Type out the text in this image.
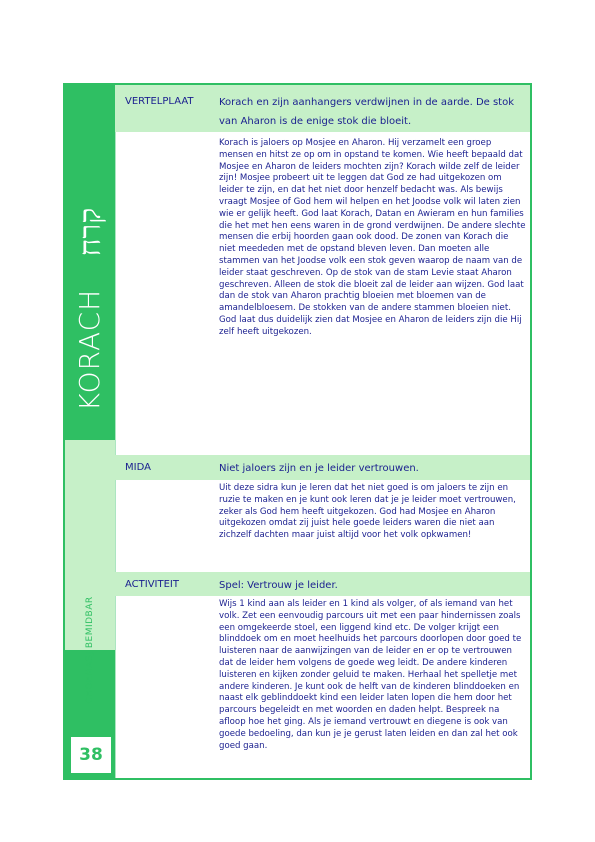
קרח
KORACH
CHOEMASJ BEMIDBAR
38
VERTELPLAAT	Korach en zijn aanhangers verdwijnen in de aarde. De stok van Aharon is de enige stok die bloeit.
Korach is jaloers op Mosjee en Aharon. Hij verzamelt een groep mensen en hitst ze op om in opstand te komen. Wie heeft bepaald dat Mosjee en Aharon de leiders mochten zijn? Korach wilde zelf de leider zijn! Mosjee probeert uit te leggen dat God ze had uitgekozen om leider te zijn, en dat het niet door henzelf bedacht was. Als bewijs vraagt Mosjee of God hem wil helpen en het Joodse volk wil laten zien wie er gelijk heeft. God laat Korach, Datan en Awieram en hun families die het met hen eens waren in de grond verdwijnen. De andere slechte mensen die erbij hoorden gaan ook dood. De zonen van Korach die niet meededen met de opstand bleven leven. Dan moeten alle stammen van het Joodse volk een stok geven waarop de naam van de leider staat geschreven. Op de stok van de stam Levie staat Aharon geschreven. Alleen de stok die bloeit zal de leider aan wijzen. God laat dan de stok van Aharon prachtig bloeien met bloemen van de amandelbloesem. De stokken van de andere stammen bloeien niet. God laat dus duidelijk zien dat Mosjee en Aharon de leiders zijn die Hij zelf heeft uitgekozen.
MIDA	Niet jaloers zijn en je leider vertrouwen.
Uit deze sidra kun je leren dat het niet goed is om jaloers te zijn en ruzie te maken en je kunt ook leren dat je je leider moet vertrouwen, zeker als God hem heeft uitgekozen. God had Mosjee en Aharon uitgekozen omdat zij juist hele goede leiders waren die niet aan zichzelf dachten maar juist altijd voor het volk opkwamen!
ACTIVITEIT	Spel: Vertrouw je leider.
Wijs 1 kind aan als leider en 1 kind als volger, of als iemand van het volk. Zet een eenvoudig parcours uit met een paar hindernissen zoals een omgekeerde stoel, een liggend kind etc. De volger krijgt een blinddoek om en moet heelhuids het parcours doorlopen door goed te luisteren naar de aanwijzingen van de leider en er op te vertrouwen dat de leider hem volgens de goede weg leidt. De andere kinderen luisteren en kijken zonder geluid te maken. Herhaal het spelletje met andere kinderen. Je kunt ook de helft van de kinderen blinddoeken en naast elk geblinddoekt kind een leider laten lopen die hem door het parcours begeleidt en met woorden en daden helpt. Bespreek na afloop hoe het ging. Als je iemand vertrouwt en diegene is ook van goede bedoeling, dan kun je je gerust laten leiden en dan zal het ook goed gaan.
